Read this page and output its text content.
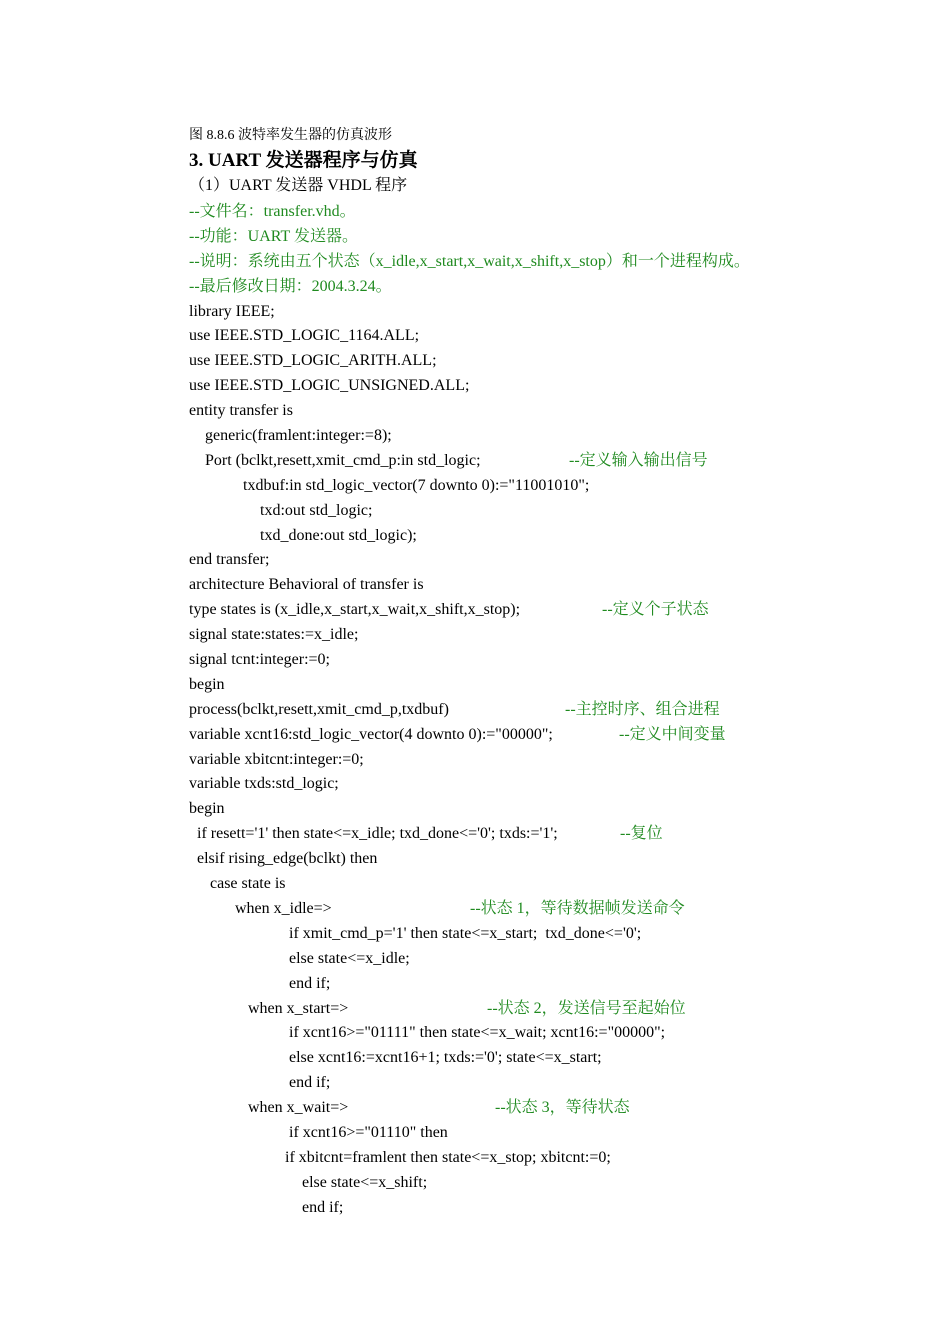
图 8.8.6 波特率发生器的仿真波形
3. UART 发送器程序与仿真
（1）UART 发送器 VHDL 程序
--文件名：transfer.vhd。
--功能：UART 发送器。
--说明：系统由五个状态（x_idle,x_start,x_wait,x_shift,x_stop）和一个进程构成。
--最后修改日期：2004.3.24。
library IEEE;
use IEEE.STD_LOGIC_1164.ALL;
use IEEE.STD_LOGIC_ARITH.ALL;
use IEEE.STD_LOGIC_UNSIGNED.ALL;
entity transfer is
generic(framlent:integer:=8);
Port (bclkt,resett,xmit_cmd_p:in std_logic;	--定义输入输出信号
txdbuf:in std_logic_vector(7 downto 0):="11001010";
txd:out std_logic;
txd_done:out std_logic);
end transfer;
architecture Behavioral of transfer is
type states is (x_idle,x_start,x_wait,x_shift,x_stop);	--定义个子状态
signal state:states:=x_idle;
signal tcnt:integer:=0;
begin
process(bclkt,resett,xmit_cmd_p,txdbuf)	--主控时序、组合进程
variable xcnt16:std_logic_vector(4 downto 0):="00000";	--定义中间变量
variable xbitcnt:integer:=0;
variable txds:std_logic;
begin
if resett='1' then state<=x_idle; txd_done<='0'; txds:='1';	--复位
elsif rising_edge(bclkt) then
case state is
when x_idle=>	--状态 1，等待数据帧发送命令
if xmit_cmd_p='1' then state<=x_start;  txd_done<='0';
else state<=x_idle;
end if;
when x_start=>	--状态 2，发送信号至起始位
if xcnt16>="01111" then state<=x_wait; xcnt16:="00000";
else xcnt16:=xcnt16+1; txds:='0'; state<=x_start;
end if;
when x_wait=>	--状态 3，等待状态
if xcnt16>="01110" then
if xbitcnt=framlent then state<=x_stop; xbitcnt:=0;
else state<=x_shift;
end if;
